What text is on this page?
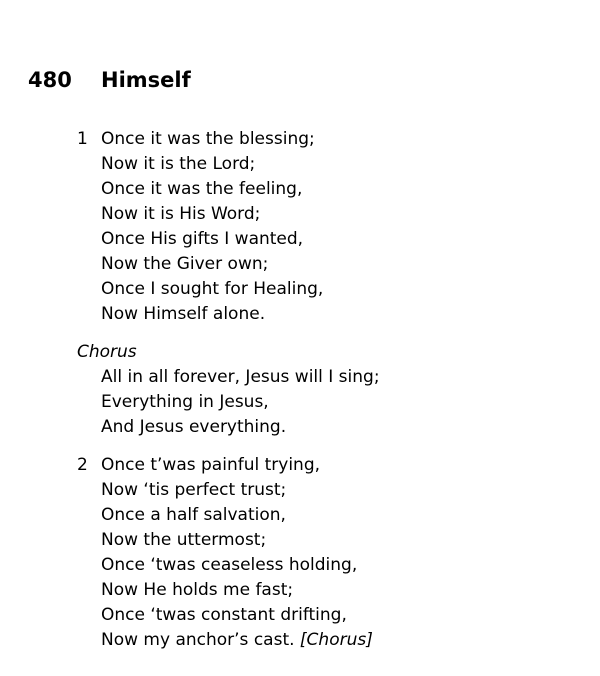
480 Himself
1 Once it was the blessing;
Now it is the Lord;
Once it was the feeling,
Now it is His Word;
Once His gifts I wanted,
Now the Giver own;
Once I sought for Healing,
Now Himself alone.
Chorus
All in all forever, Jesus will I sing;
Everything in Jesus,
And Jesus everything.
2 Once t’was painful trying,
Now ‘tis perfect trust;
Once a half salvation,
Now the uttermost;
Once ‘twas ceaseless holding,
Now He holds me fast;
Once ‘twas constant drifting,
Now my anchor’s cast. [Chorus]
